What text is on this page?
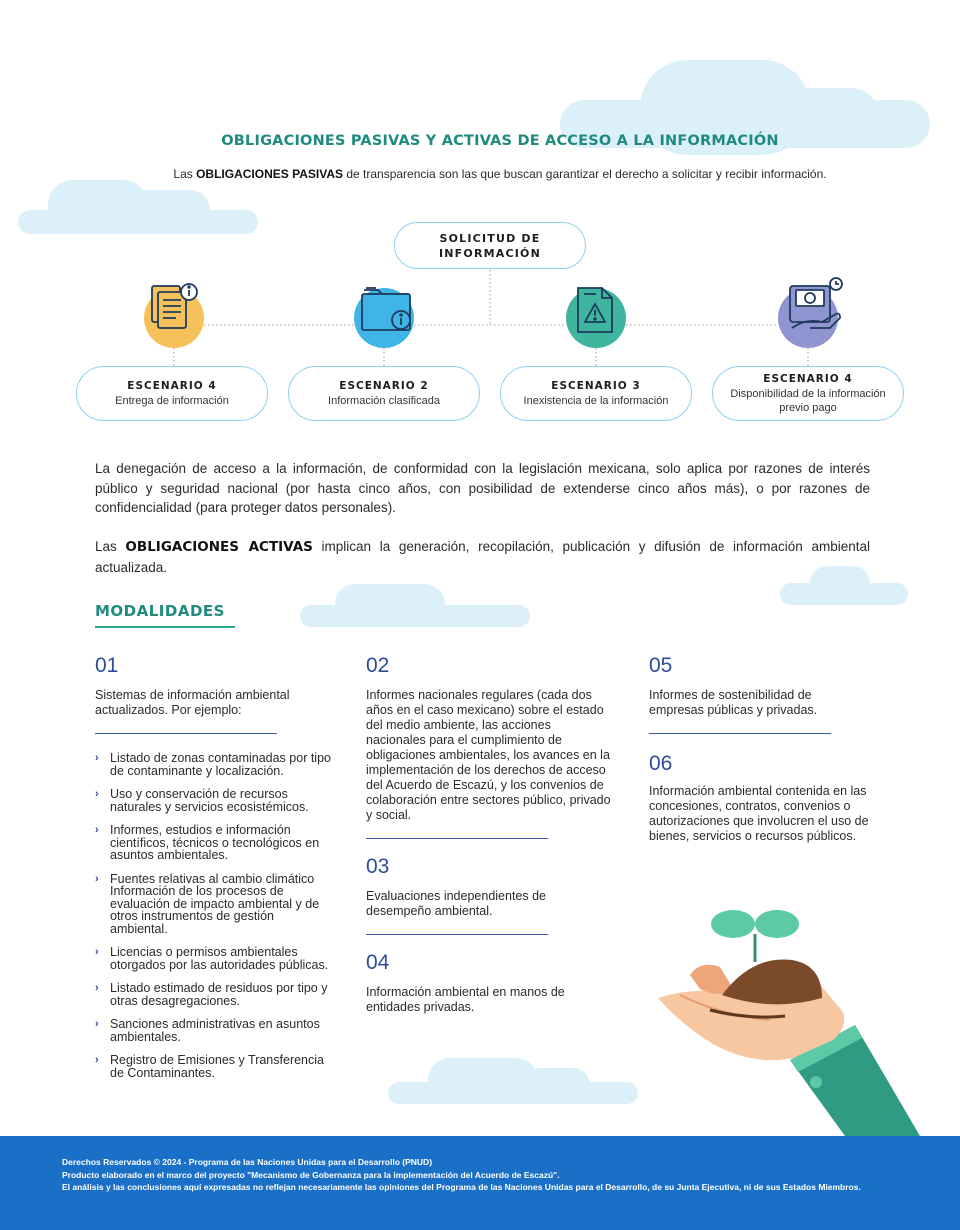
OBLIGACIONES PASIVAS Y ACTIVAS DE ACCESO A LA INFORMACIÓN
Las OBLIGACIONES PASIVAS de transparencia son las que buscan garantizar el derecho a solicitar y recibir información.
SOLICITUD DE
INFORMACIÓN
ESCENARIO 4
Entrega de información
ESCENARIO 2
Información clasificada
ESCENARIO 3
Inexistencia de la información
ESCENARIO 4
Disponibilidad de la información previo pago
La denegación de acceso a la información, de conformidad con la legislación mexicana, solo aplica por razones de interés público y seguridad nacional (por hasta cinco años, con posibilidad de extenderse cinco años más), o por razones de confidencialidad (para proteger datos personales).
Las OBLIGACIONES ACTIVAS implican la generación, recopilación, publicación y difusión de información ambiental actualizada.
MODALIDADES
01
Sistemas de información ambiental actualizados. Por ejemplo:
› Listado de zonas contaminadas por tipo de contaminante y localización.
› Uso y conservación de recursos naturales y servicios ecosistémicos.
› Informes, estudios e información científicos, técnicos o tecnológicos en asuntos ambientales.
› Fuentes relativas al cambio climático Información de los procesos de evaluación de impacto ambiental y de otros instrumentos de gestión ambiental.
› Licencias o permisos ambientales otorgados por las autoridades públicas.
› Listado estimado de residuos por tipo y otras desagregaciones.
› Sanciones administrativas en asuntos ambientales.
› Registro de Emisiones y Transferencia de Contaminantes.
02
Informes nacionales regulares (cada dos años en el caso mexicano) sobre el estado del medio ambiente, las acciones nacionales para el cumplimiento de obligaciones ambientales, los avances en la implementación de los derechos de acceso del Acuerdo de Escazú, y los convenios de colaboración entre sectores público, privado y social.
03
Evaluaciones independientes de desempeño ambiental.
04
Información ambiental en manos de entidades privadas.
05
Informes de sostenibilidad de empresas públicas y privadas.
06
Información ambiental contenida en las concesiones, contratos, convenios o autorizaciones que involucren el uso de bienes, servicios o recursos públicos.
Derechos Reservados © 2024 - Programa de las Naciones Unidas para el Desarrollo (PNUD)
Producto elaborado en el marco del proyecto "Mecanismo de Gobernanza para la implementación del Acuerdo de Escazú".
El análisis y las conclusiones aquí expresadas no reflejan necesariamente las opiniones del Programa de las Naciones Unidas para el Desarrollo, de su Junta Ejecutiva, ni de sus Estados Miembros.
